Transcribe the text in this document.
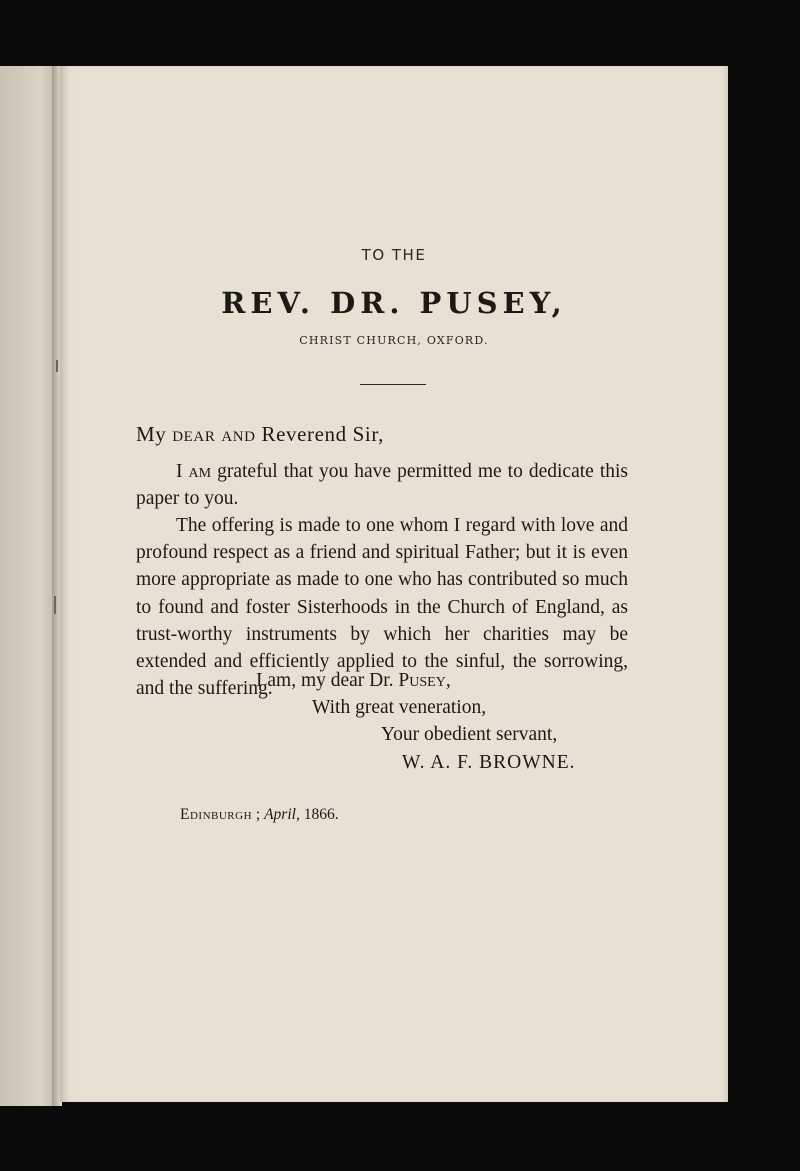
TO THE
REV. DR. PUSEY,
CHRIST CHURCH, OXFORD.
My dear and Reverend Sir,

I am grateful that you have permitted me to dedicate this paper to you.

The offering is made to one whom I regard with love and profound respect as a friend and spiritual Father; but it is even more appropriate as made to one who has contributed so much to found and foster Sisterhoods in the Church of England, as trust-worthy instruments by which her charities may be extended and efficiently applied to the sinful, the sorrowing, and the suffering.

I am, my dear Dr. Pusey,
With great veneration,
Your obedient servant,
W. A. F. BROWNE.
Edinburgh ; April, 1866.
